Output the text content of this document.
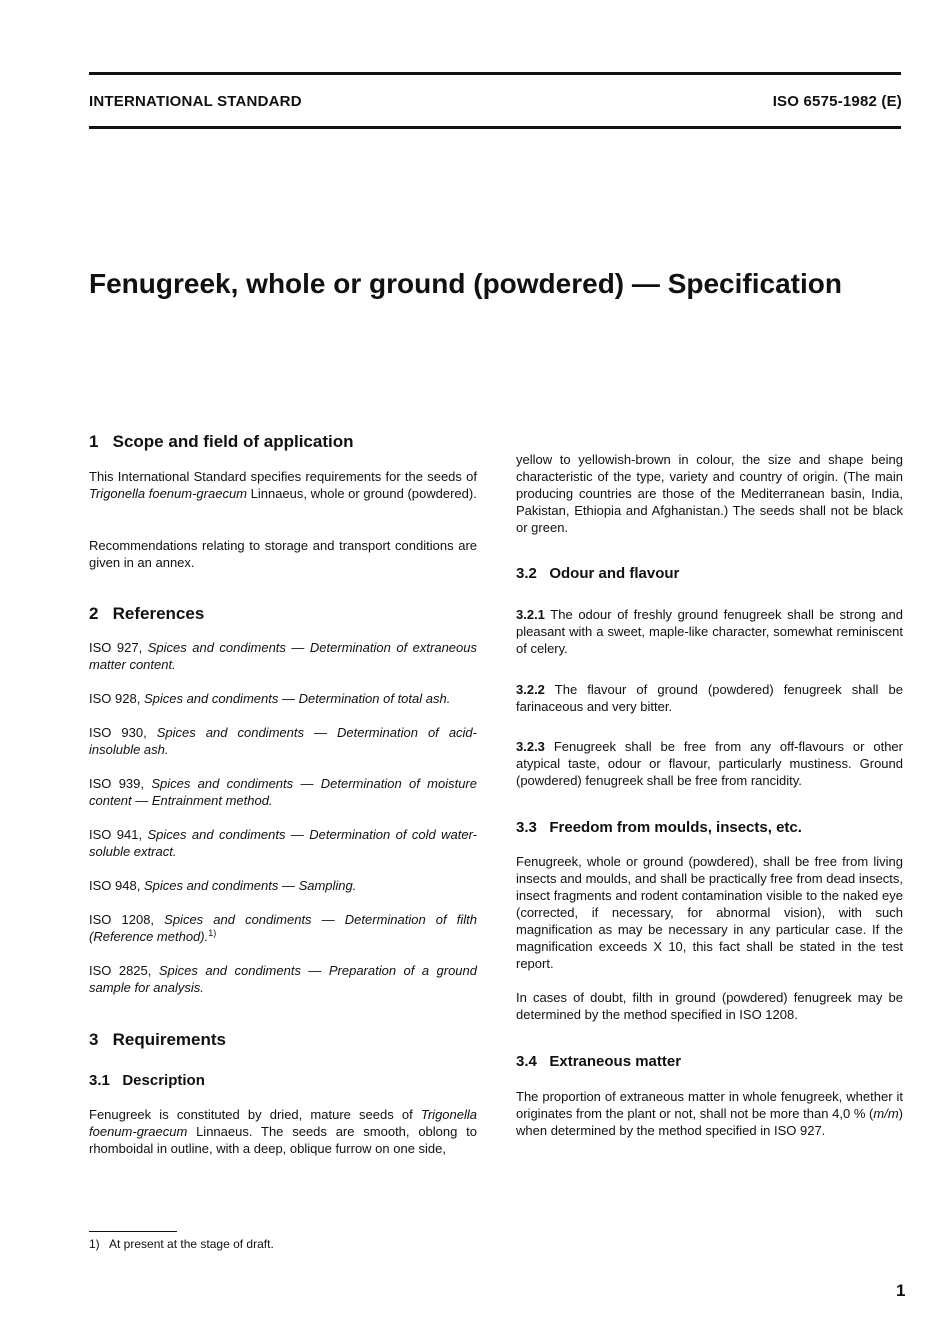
INTERNATIONAL STANDARD	ISO 6575-1982 (E)
Fenugreek, whole or ground (powdered) — Specification
1   Scope and field of application
This International Standard specifies requirements for the seeds of Trigonella foenum-graecum Linnaeus, whole or ground (powdered).
Recommendations relating to storage and transport conditions are given in an annex.
2   References
ISO 927, Spices and condiments — Determination of extraneous matter content.
ISO 928, Spices and condiments — Determination of total ash.
ISO 930, Spices and condiments — Determination of acid-insoluble ash.
ISO 939, Spices and condiments — Determination of moisture content — Entrainment method.
ISO 941, Spices and condiments — Determination of cold water-soluble extract.
ISO 948, Spices and condiments — Sampling.
ISO 1208, Spices and condiments — Determination of filth (Reference method).$^{1)}$
ISO 2825, Spices and condiments — Preparation of a ground sample for analysis.
3   Requirements
3.1   Description
Fenugreek is constituted by dried, mature seeds of Trigonella foenum-graecum Linnaeus. The seeds are smooth, oblong to rhomboidal in outline, with a deep, oblique furrow on one side,
yellow to yellowish-brown in colour, the size and shape being characteristic of the type, variety and country of origin. (The main producing countries are those of the Mediterranean basin, India, Pakistan, Ethiopia and Afghanistan.) The seeds shall not be black or green.
3.2   Odour and flavour
3.2.1 The odour of freshly ground fenugreek shall be strong and pleasant with a sweet, maple-like character, somewhat reminiscent of celery.
3.2.2 The flavour of ground (powdered) fenugreek shall be farinaceous and very bitter.
3.2.3 Fenugreek shall be free from any off-flavours or other atypical taste, odour or flavour, particularly mustiness. Ground (powdered) fenugreek shall be free from rancidity.
3.3   Freedom from moulds, insects, etc.
Fenugreek, whole or ground (powdered), shall be free from living insects and moulds, and shall be practically free from dead insects, insect fragments and rodent contamination visible to the naked eye (corrected, if necessary, for abnormal vision), with such magnification as may be necessary in any particular case. If the magnification exceeds X 10, this fact shall be stated in the test report.
In cases of doubt, filth in ground (powdered) fenugreek may be determined by the method specified in ISO 1208.
3.4   Extraneous matter
The proportion of extraneous matter in whole fenugreek, whether it originates from the plant or not, shall not be more than 4,0 % (m/m) when determined by the method specified in ISO 927.
1)   At present at the stage of draft.
1
